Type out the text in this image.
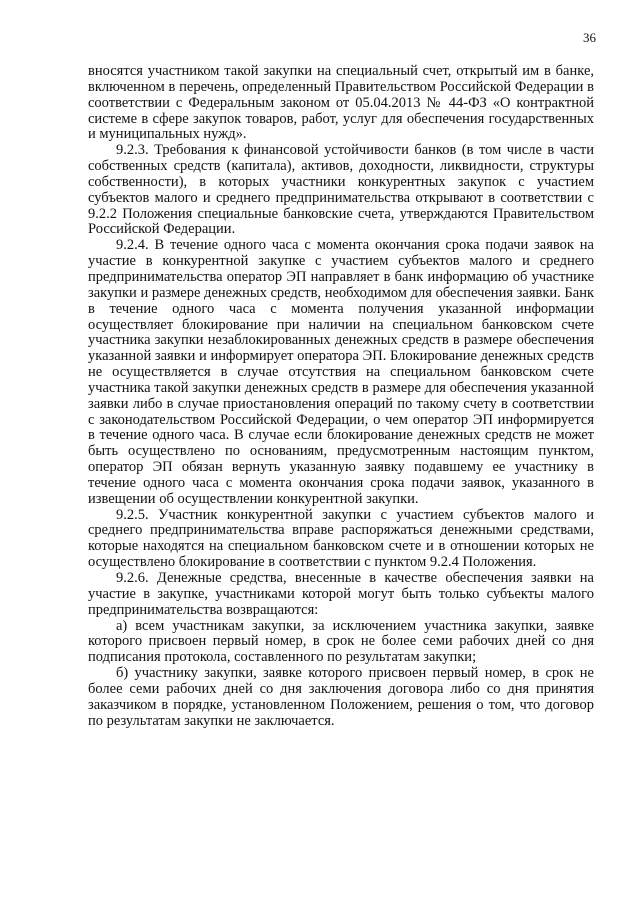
36

вносятся участником такой закупки на специальный счет, открытый им в банке, включенном в перечень, определенный Правительством Российской Федерации в соответствии с Федеральным законом от 05.04.2013 № 44-ФЗ «О контрактной системе в сфере закупок товаров, работ, услуг для обеспечения государственных и муниципальных нужд».

9.2.3. Требования к финансовой устойчивости банков (в том числе в части собственных средств (капитала), активов, доходности, ликвидности, структуры собственности), в которых участники конкурентных закупок с участием субъектов малого и среднего предпринимательства открывают в соответствии с 9.2.2 Положения специальные банковские счета, утверждаются Правительством Российской Федерации.

9.2.4. В течение одного часа с момента окончания срока подачи заявок на участие в конкурентной закупке с участием субъектов малого и среднего предпринимательства оператор ЭП направляет в банк информацию об участнике закупки и размере денежных средств, необходимом для обеспечения заявки. Банк в течение одного часа с момента получения указанной информации осуществляет блокирование при наличии на специальном банковском счете участника закупки незаблокированных денежных средств в размере обеспечения указанной заявки и информирует оператора ЭП. Блокирование денежных средств не осуществляется в случае отсутствия на специальном банковском счете участника такой закупки денежных средств в размере для обеспечения указанной заявки либо в случае приостановления операций по такому счету в соответствии с законодательством Российской Федерации, о чем оператор ЭП информируется в течение одного часа. В случае если блокирование денежных средств не может быть осуществлено по основаниям, предусмотренным настоящим пунктом, оператор ЭП обязан вернуть указанную заявку подавшему ее участнику в течение одного часа с момента окончания срока подачи заявок, указанного в извещении об осуществлении конкурентной закупки.

9.2.5. Участник конкурентной закупки с участием субъектов малого и среднего предпринимательства вправе распоряжаться денежными средствами, которые находятся на специальном банковском счете и в отношении которых не осуществлено блокирование в соответствии с пунктом 9.2.4 Положения.

9.2.6. Денежные средства, внесенные в качестве обеспечения заявки на участие в закупке, участниками которой могут быть только субъекты малого предпринимательства возвращаются:

а) всем участникам закупки, за исключением участника закупки, заявке которого присвоен первый номер, в срок не более семи рабочих дней со дня подписания протокола, составленного по результатам закупки;

б) участнику закупки, заявке которого присвоен первый номер, в срок не более семи рабочих дней со дня заключения договора либо со дня принятия заказчиком в порядке, установленном Положением, решения о том, что договор по результатам закупки не заключается.
